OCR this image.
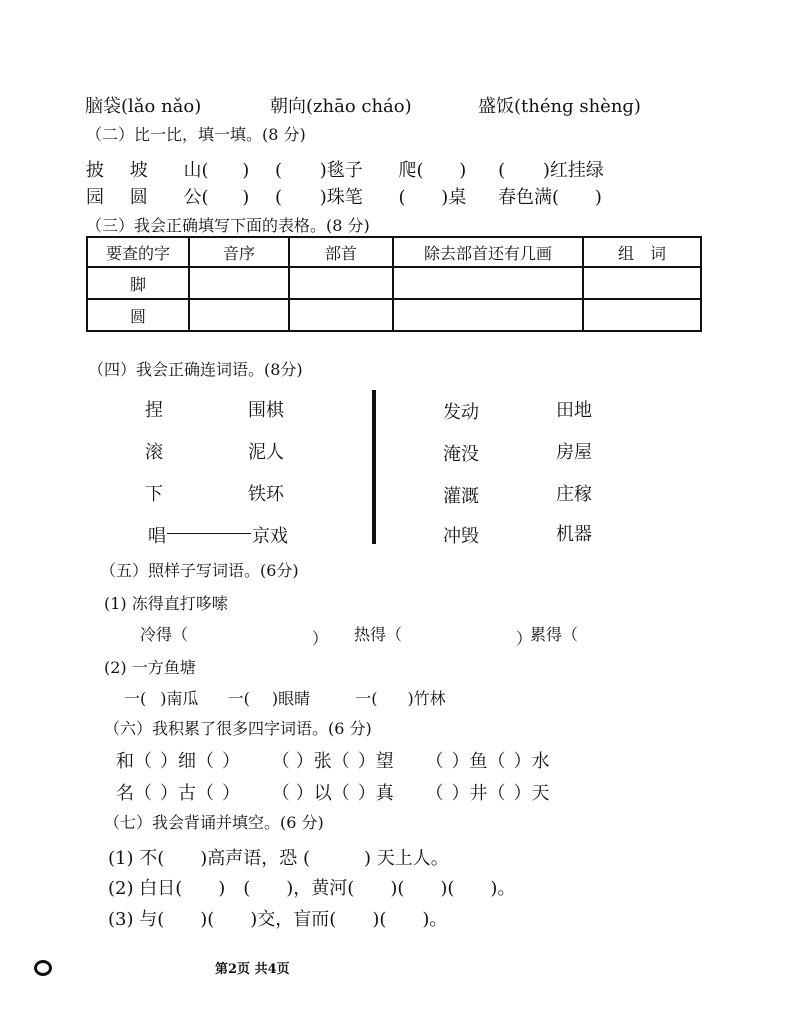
脑袋(lǎo nǎo)	朝向(zhāo cháo)	盛饭(thénɡ shènɡ)
（二）比一比，填一填。(8 分)
披 坡 山( ) ( )毯子 爬( ) ( )红挂绿
园 圆 公( ) ( )珠笔 ( )桌 春色满( )
（三）我会正确填写下面的表格。(8 分)
要查的字	音序	部首	除去部首还有几画	组　词
脚				
圆				
（四）我会正确连词语。(8分)
捏
滚
下
唱
围棋
泥人
铁环
京戏
发动
淹没
灌溉
冲毁
田地
房屋
庄稼
机器
（五）照样子写词语。(6分)
(1) 冻得直打哆嗦
冷得（	） 热得（	）
累得（
(2) 一方鱼塘
一( )南瓜 一( )眼睛	一( )竹林
（六）我积累了很多四字词语。(6 分)
和（ ）细（ ） （ ）张（ ）望 （ ）鱼（ ）水
名（ ）古（ ） （ ）以（ ）真 （ ）井（ ）天
（七）我会背诵并填空。(6 分)
(1) 不(　　)高声语，恐 (　　　) 天上人。
(2) 白日(　　)　(　　)，黄河(　　)(　　)(　　)。
(3) 与(　　)(　　)交，盲而(　　)(　　)。
第2页 共4页
